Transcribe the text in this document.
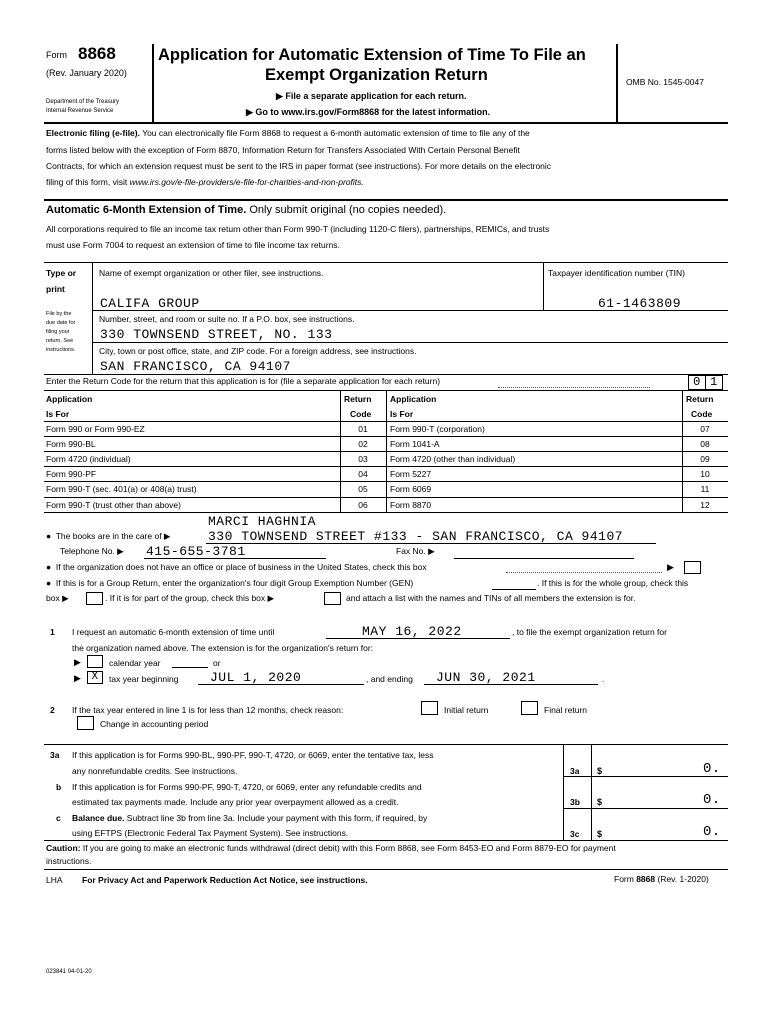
Form 8868
(Rev. January 2020)
Department of the Treasury
Internal Revenue Service
Application for Automatic Extension of Time To File an
Exempt Organization Return
▶ File a separate application for each return.
▶ Go to www.irs.gov/Form8868 for the latest information.
OMB No. 1545-0047
Electronic filing (e-file). You can electronically file Form 8868 to request a 6-month automatic extension of time to file any of the
forms listed below with the exception of Form 8870, Information Return for Transfers Associated With Certain Personal Benefit
Contracts, for which an extension request must be sent to the IRS in paper format (see instructions). For more details on the electronic
filing of this form, visit www.irs.gov/e-file-providers/e-file-for-charities-and-non-profits.
Automatic 6-Month Extension of Time. Only submit original (no copies needed).
All corporations required to file an income tax return other than Form 990-T (including 1120-C filers), partnerships, REMICs, and trusts
must use Form 7004 to request an extension of time to file income tax returns.
Type or
print
File by the
due date for
filing your
return. See
instructions.
Name of exempt organization or other filer, see instructions.	Taxpayer identification number (TIN)
CALIFA GROUP	61-1463809
Number, street, and room or suite no. If a P.O. box, see instructions.
330 TOWNSEND STREET, NO. 133
City, town or post office, state, and ZIP code. For a foreign address, see instructions.
SAN FRANCISCO, CA 94107
Enter the Return Code for the return that this application is for (file a separate application for each return)	0 1
Application
Is For
Return
Code
Application
Is For
Return
Code
Form 990 or Form 990-EZ	01	Form 990-T (corporation)	07
Form 990-BL	02	Form 1041-A	08
Form 4720 (individual)	03	Form 4720 (other than individual)	09
Form 990-PF	04	Form 5227	10
Form 990-T (sec. 401(a) or 408(a) trust)	05	Form 6069	11
Form 990-T (trust other than above)	06	Form 8870	12
MARCI HAGHNIA
●  The books are in the care of ▶	330 TOWNSEND STREET #133 - SAN FRANCISCO, CA 94107
Telephone No. ▶ 415-655-3781	Fax No. ▶
●  If the organization does not have an office or place of business in the United States, check this box	▶
●  If this is for a Group Return, enter the organization's four digit Group Exemption Number (GEN)	. If this is for the whole group, check this
box ▶	. If it is for part of the group, check this box ▶	and attach a list with the names and TINs of all members the extension is for.
1 I request an automatic 6-month extension of time until	MAY 16, 2022	, to file the exempt organization return for
the organization named above. The extension is for the organization's return for:
▶	calendar year	or
▶ X	tax year beginning JUL 1, 2020	, and ending JUN 30, 2021	.
2 If the tax year entered in line 1 is for less than 12 months, check reason:	Initial return	Final return
Change in accounting period
3a If this application is for Forms 990-BL, 990-PF, 990-T, 4720, or 6069, enter the tentative tax, less
any nonrefundable credits. See instructions.
b If this application is for Forms 990-PF, 990-T, 4720, or 6069, enter any refundable credits and
estimated tax payments made. Include any prior year overpayment allowed as a credit.
c Balance due. Subtract line 3b from line 3a. Include your payment with this form, if required, by
using EFTPS (Electronic Federal Tax Payment System). See instructions.
3a $	0.
3b $	0.
3c $	0.
Caution: If you are going to make an electronic funds withdrawal (direct debit) with this Form 8868, see Form 8453-EO and Form 8879-EO for payment
instructions.
LHA For Privacy Act and Paperwork Reduction Act Notice, see instructions.	Form 8868 (Rev. 1-2020)
023841 04-01-20
